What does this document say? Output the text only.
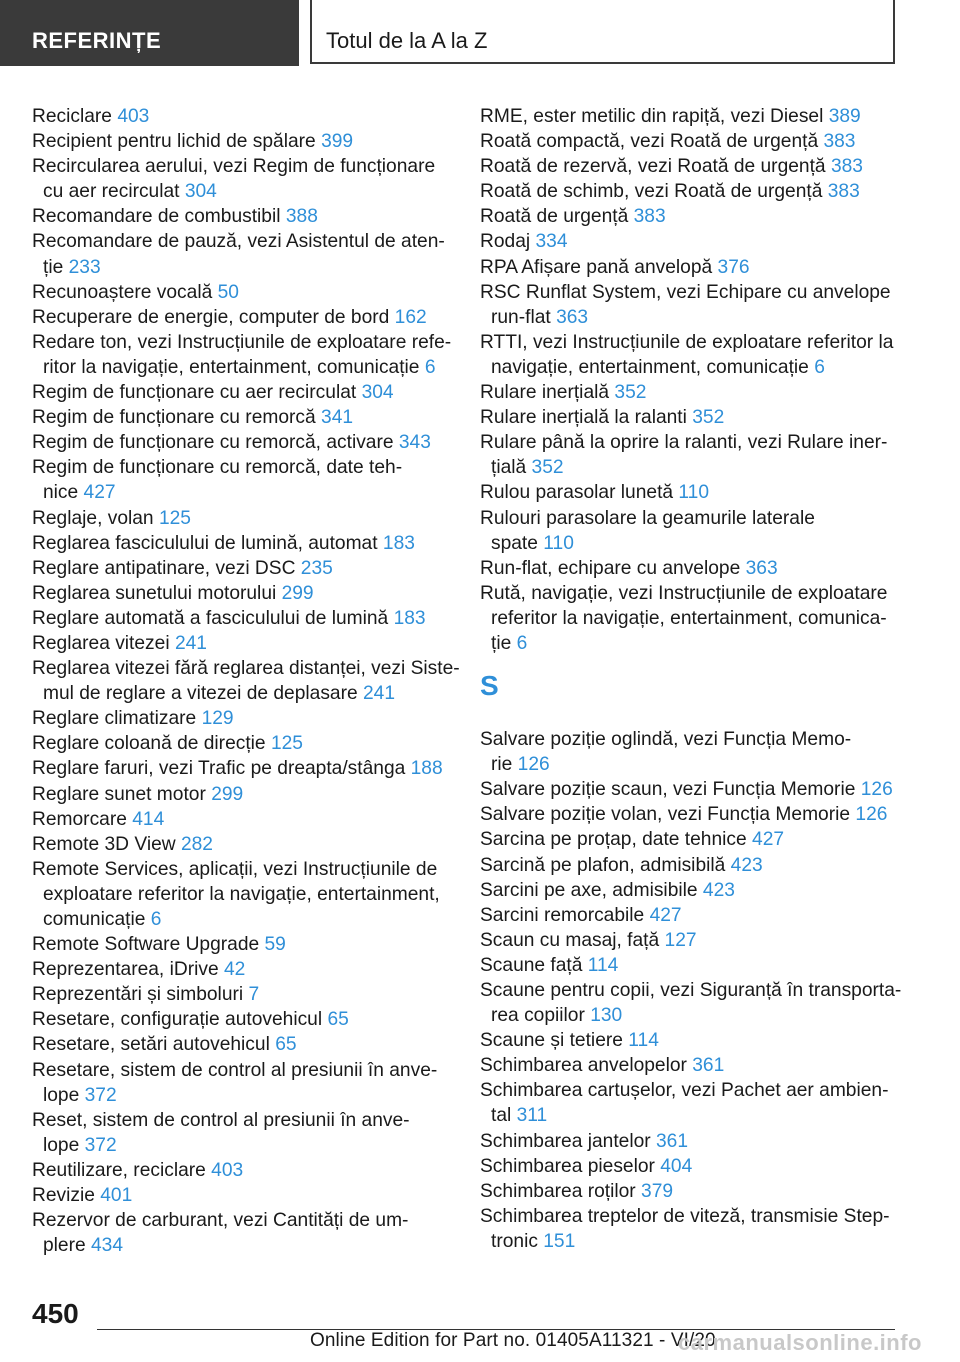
REFERINȚE	Totul de la A la Z
Reciclare 403
Recipient pentru lichid de spălare 399
Recircularea aerului, vezi Regim de funcționare
cu aer recirculat 304
Recomandare de combustibil 388
Recomandare de pauză, vezi Asistentul de aten-
ție 233
Recunoaștere vocală 50
Recuperare de energie, computer de bord 162
Redare ton, vezi Instrucțiunile de exploatare refe-
ritor la navigație, entertainment, comunicație 6
Regim de funcționare cu aer recirculat 304
Regim de funcționare cu remorcă 341
Regim de funcționare cu remorcă, activare 343
Regim de funcționare cu remorcă, date teh-
nice 427
Reglaje, volan 125
Reglarea fasciculului de lumină, automat 183
Reglare antipatinare, vezi DSC 235
Reglarea sunetului motorului 299
Reglare automată a fasciculului de lumină 183
Reglarea vitezei 241
Reglarea vitezei fără reglarea distanței, vezi Siste-
mul de reglare a vitezei de deplasare 241
Reglare climatizare 129
Reglare coloană de direcție 125
Reglare faruri, vezi Trafic pe dreapta/stânga 188
Reglare sunet motor 299
Remorcare 414
Remote 3D View 282
Remote Services, aplicații, vezi Instrucțiunile de
exploatare referitor la navigație, entertainment,
comunicație 6
Remote Software Upgrade 59
Reprezentarea, iDrive 42
Reprezentări și simboluri 7
Resetare, configurație autovehicul 65
Resetare, setări autovehicul 65
Resetare, sistem de control al presiunii în anve-
lope 372
Reset, sistem de control al presiunii în anve-
lope 372
Reutilizare, reciclare 403
Revizie 401
Rezervor de carburant, vezi Cantități de um-
plere 434
RME, ester metilic din rapiță, vezi Diesel 389
Roată compactă, vezi Roată de urgență 383
Roată de rezervă, vezi Roată de urgență 383
Roată de schimb, vezi Roată de urgență 383
Roată de urgență 383
Rodaj 334
RPA Afișare pană anvelopă 376
RSC Runflat System, vezi Echipare cu anvelope
run-flat 363
RTTI, vezi Instrucțiunile de exploatare referitor la
navigație, entertainment, comunicație 6
Rulare inerțială 352
Rulare inerțială la ralanti 352
Rulare până la oprire la ralanti, vezi Rulare iner-
țială 352
Rulou parasolar lunetă 110
Rulouri parasolare la geamurile laterale
spate 110
Run-flat, echipare cu anvelope 363
Rută, navigație, vezi Instrucțiunile de exploatare
referitor la navigație, entertainment, comunica-
ție 6
S
Salvare poziție oglindă, vezi Funcția Memo-
rie 126
Salvare poziție scaun, vezi Funcția Memorie 126
Salvare poziție volan, vezi Funcția Memorie 126
Sarcina pe proțap, date tehnice 427
Sarcină pe plafon, admisibilă 423
Sarcini pe axe, admisibile 423
Sarcini remorcabile 427
Scaun cu masaj, față 127
Scaune față 114
Scaune pentru copii, vezi Siguranță în transporta-
rea copiilor 130
Scaune și tetiere 114
Schimbarea anvelopelor 361
Schimbarea cartușelor, vezi Pachet aer ambien-
tal 311
Schimbarea jantelor 361
Schimbarea pieselor 404
Schimbarea roților 379
Schimbarea treptelor de viteză, transmisie Step-
tronic 151
450
Online Edition for Part no. 01405A11321 - VI/20
carmanualsonline.info
